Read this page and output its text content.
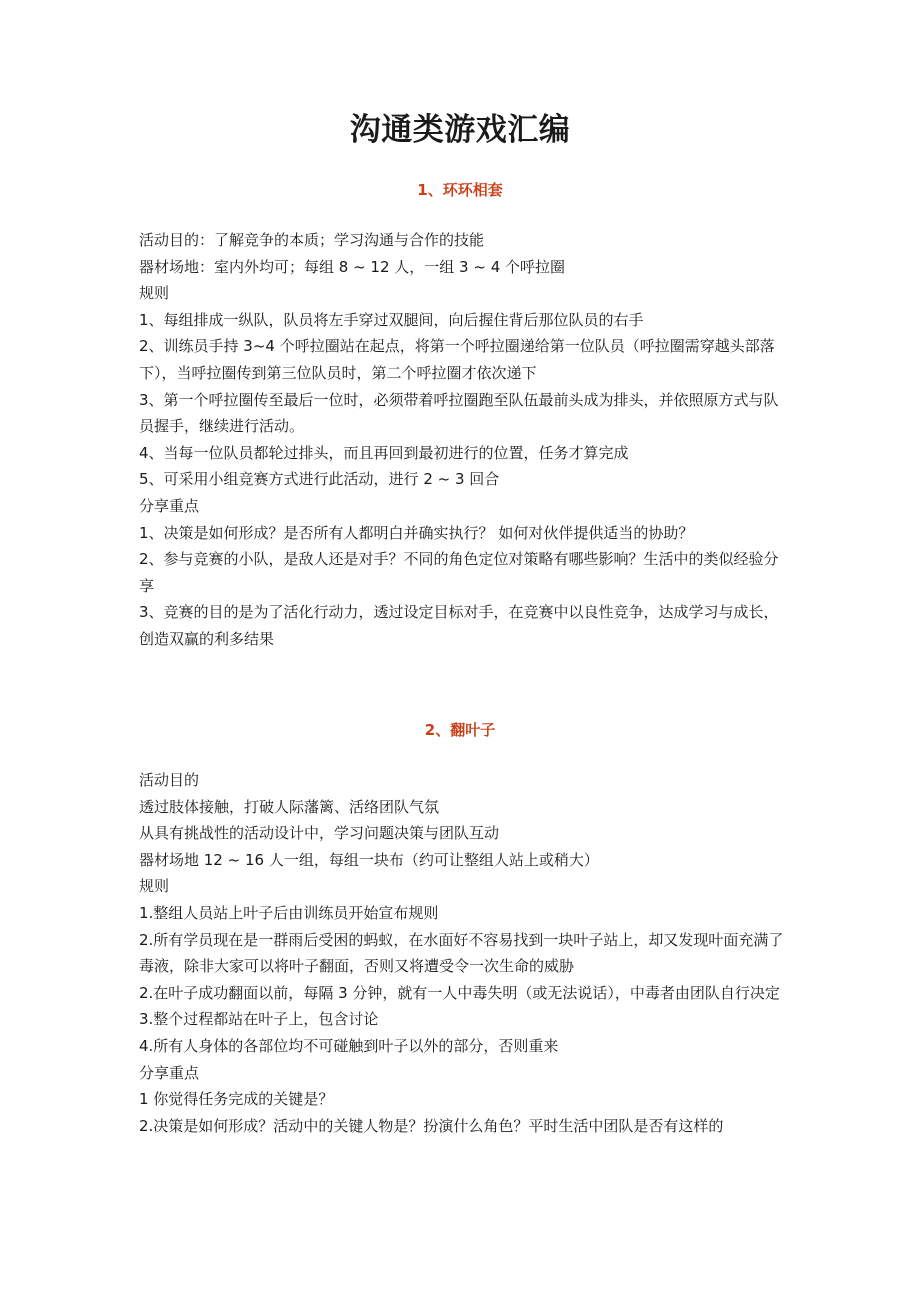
沟通类游戏汇编
1、环环相套
活动目的：了解竞争的本质；学习沟通与合作的技能
器材场地：室内外均可；每组 8 ~ 12 人，一组 3 ~ 4 个呼拉圈
规则
1、每组排成一纵队，队员将左手穿过双腿间，向后握住背后那位队员的右手
2、训练员手持 3~4 个呼拉圈站在起点，将第一个呼拉圈递给第一位队员（呼拉圈需穿越头部落下），当呼拉圈传到第三位队员时，第二个呼拉圈才依次递下
3、第一个呼拉圈传至最后一位时，必须带着呼拉圈跑至队伍最前头成为排头，并依照原方式与队员握手，继续进行活动。
4、当每一位队员都轮过排头，而且再回到最初进行的位置，任务才算完成
5、可采用小组竞赛方式进行此活动，进行 2 ~ 3 回合
分享重点
1、决策是如何形成？是否所有人都明白并确实执行？ 如何对伙伴提供适当的协助？
2、参与竞赛的小队，是敌人还是对手？不同的角色定位对策略有哪些影响？生活中的类似经验分享
3、竞赛的目的是为了活化行动力，透过设定目标对手，在竞赛中以良性竞争，达成学习与成长，创造双赢的利多结果
2、翻叶子
活动目的
透过肢体接触，打破人际藩篱、活络团队气氛
从具有挑战性的活动设计中，学习问题决策与团队互动
器材场地 12 ~ 16 人一组，每组一块布（约可让整组人站上或稍大）
规则
1.整组人员站上叶子后由训练员开始宣布规则
2.所有学员现在是一群雨后受困的蚂蚁，在水面好不容易找到一块叶子站上，却又发现叶面充满了毒液，除非大家可以将叶子翻面，否则又将遭受令一次生命的威胁
2.在叶子成功翻面以前，每隔 3 分钟，就有一人中毒失明（或无法说话），中毒者由团队自行决定
3.整个过程都站在叶子上，包含讨论
4.所有人身体的各部位均不可碰触到叶子以外的部分，否则重来
分享重点
1 你觉得任务完成的关键是？
2.决策是如何形成？活动中的关键人物是？扮演什么角色？平时生活中团队是否有这样的
